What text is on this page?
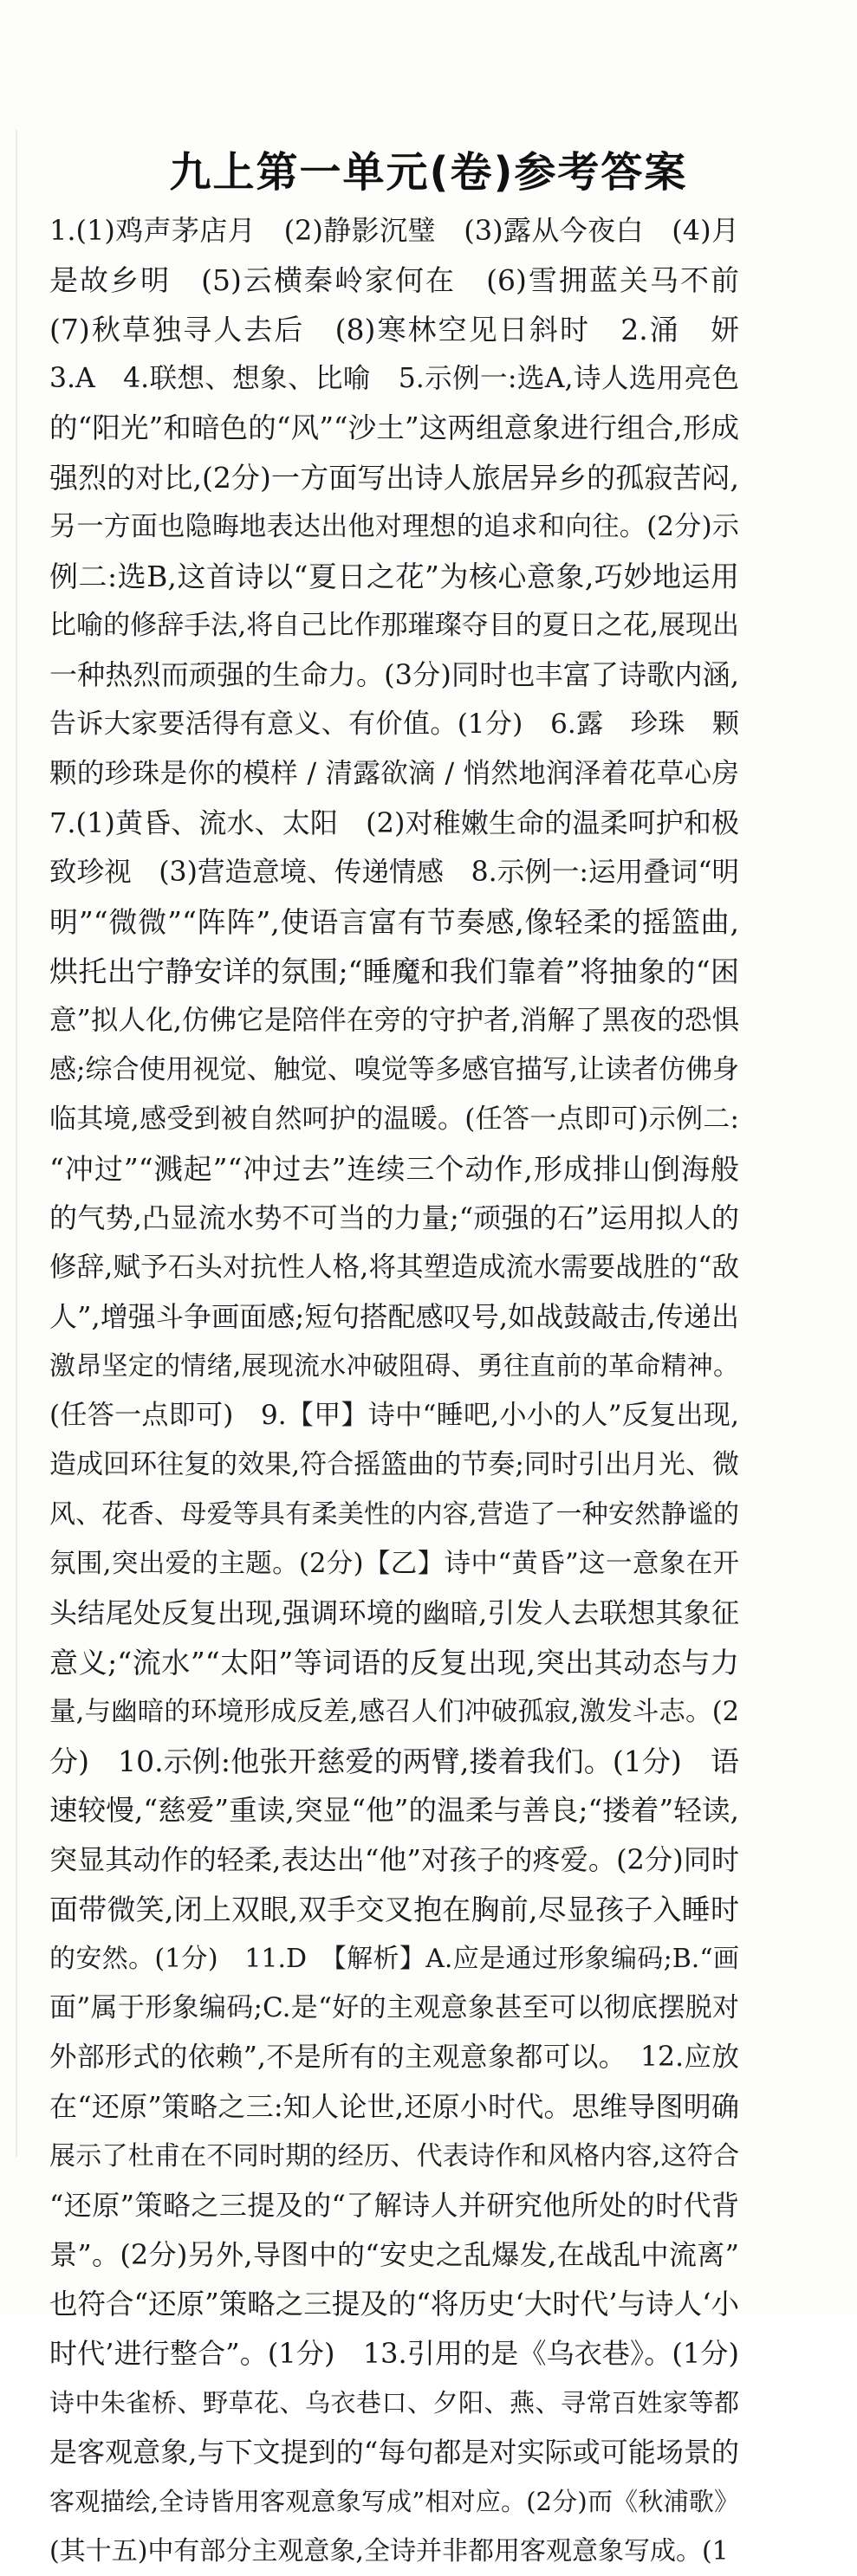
九上第一单元(卷)参考答案
1.(1)鸡声茅店月　(2)静影沉璧　(3)露从今夜白　(4)月
是故乡明　(5)云横秦岭家何在　(6)雪拥蓝关马不前
(7)秋草独寻人去后　(8)寒林空见日斜时　2.涌　妍
3.A　4.联想、想象、比喻　5.示例一:选A,诗人选用亮色
的“阳光”和暗色的“风”“沙土”这两组意象进行组合,形成
强烈的对比,(2分)一方面写出诗人旅居异乡的孤寂苦闷,
另一方面也隐晦地表达出他对理想的追求和向往。(2分)示
例二:选B,这首诗以“夏日之花”为核心意象,巧妙地运用
比喻的修辞手法,将自己比作那璀璨夺目的夏日之花,展现出
一种热烈而顽强的生命力。(3分)同时也丰富了诗歌内涵,
告诉大家要活得有意义、有价值。(1分)　6.露　珍珠　颗
颗的珍珠是你的模样 / 清露欲滴 / 悄然地润泽着花草心房
7.(1)黄昏、流水、太阳　(2)对稚嫩生命的温柔呵护和极
致珍视　(3)营造意境、传递情感　8.示例一:运用叠词“明
明”“微微”“阵阵”,使语言富有节奏感,像轻柔的摇篮曲,
烘托出宁静安详的氛围;“睡魔和我们靠着”将抽象的“困
意”拟人化,仿佛它是陪伴在旁的守护者,消解了黑夜的恐惧
感;综合使用视觉、触觉、嗅觉等多感官描写,让读者仿佛身
临其境,感受到被自然呵护的温暖。(任答一点即可)示例二:
“冲过”“溅起”“冲过去”连续三个动作,形成排山倒海般
的气势,凸显流水势不可当的力量;“顽强的石”运用拟人的
修辞,赋予石头对抗性人格,将其塑造成流水需要战胜的“敌
人”,增强斗争画面感;短句搭配感叹号,如战鼓敲击,传递出
激昂坚定的情绪,展现流水冲破阻碍、勇往直前的革命精神。
(任答一点即可)　9.【甲】诗中“睡吧,小小的人”反复出现,
造成回环往复的效果,符合摇篮曲的节奏;同时引出月光、微
风、花香、母爱等具有柔美性的内容,营造了一种安然静谧的
氛围,突出爱的主题。(2分)【乙】诗中“黄昏”这一意象在开
头结尾处反复出现,强调环境的幽暗,引发人去联想其象征
意义;“流水”“太阳”等词语的反复出现,突出其动态与力
量,与幽暗的环境形成反差,感召人们冲破孤寂,激发斗志。(2
分)　10.示例:他张开慈爱的两臂,搂着我们。(1分)　语
速较慢,“慈爱”重读,突显“他”的温柔与善良;“搂着”轻读,
突显其动作的轻柔,表达出“他”对孩子的疼爱。(2分)同时
面带微笑,闭上双眼,双手交叉抱在胸前,尽显孩子入睡时
的安然。(1分)　11.D　【解析】A.应是通过形象编码;B.“画
面”属于形象编码;C.是“好的主观意象甚至可以彻底摆脱对
外部形式的依赖”,不是所有的主观意象都可以。　12.应放
在“还原”策略之三:知人论世,还原小时代。思维导图明确
展示了杜甫在不同时期的经历、代表诗作和风格内容,这符合
“还原”策略之三提及的“了解诗人并研究他所处的时代背
景”。(2分)另外,导图中的“安史之乱爆发,在战乱中流离”
也符合“还原”策略之三提及的“将历史‘大时代’与诗人‘小
时代’进行整合”。(1分)　13.引用的是《乌衣巷》。(1分)
诗中朱雀桥、野草花、乌衣巷口、夕阳、燕、寻常百姓家等都
是客观意象,与下文提到的“每句都是对实际或可能场景的
客观描绘,全诗皆用客观意象写成”相对应。(2分)而《秋浦歌》
(其十五)中有部分主观意象,全诗并非都用客观意象写成。(1
